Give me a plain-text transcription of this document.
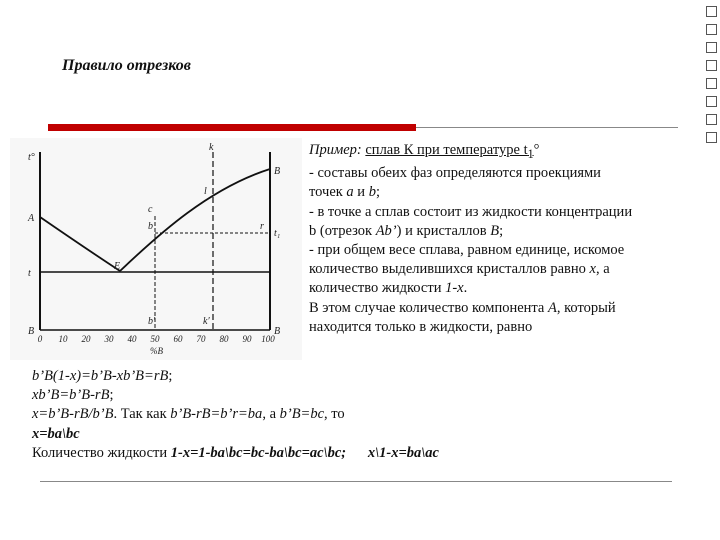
Правило отрезков
t°
A
t
B
B
t₁
B
b
c
E
r
k
b′
l
k′
0 10 20 30 40 50 60 70 80 90 100
%B

Пример: сплав К при температуре $t_1^\circ$
- составы обеих фаз определяются проекциями
точек a и b;
- в точке а сплав состоит из жидкости концентрации
b (отрезок Ab’) и кристаллов B;
- при общем весе сплава, равном единице, искомое
количество выделившихся кристаллов равно x, а
количество жидкости 1-x.
В этом случае количество компонента А, который
находится только в жидкости, равно

b’B(1-x)=b’B-xb’B=rB;
xb’B=b’B-rB;
x=b’B-rB/b’B. Так как b’B-rB=b’r=ba, а b’B=bc, то
x=ba\bc
Количество жидкости 1-x=1-ba\bc=bc-ba\bc=ac\bc; x\1-x=ba\ac
